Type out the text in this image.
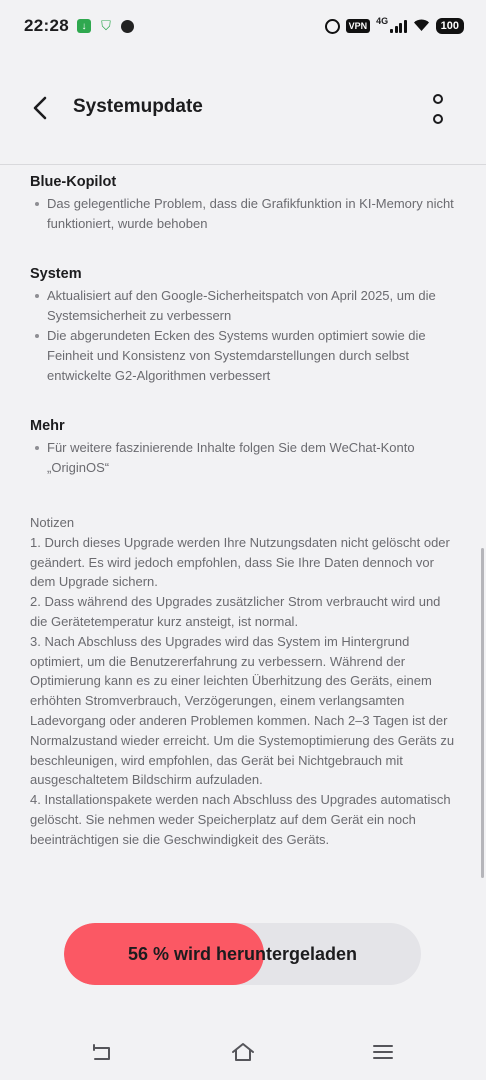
22:28	↓	⛉	VPN	4G	100
Systemupdate
Blue-Kopilot
Das gelegentliche Problem, dass die Grafikfunktion in KI-Memory nicht funktioniert, wurde behoben
System
Aktualisiert auf den Google-Sicherheitspatch von April 2025, um die Systemsicherheit zu verbessern
Die abgerundeten Ecken des Systems wurden optimiert sowie die Feinheit und Konsistenz von Systemdarstellungen durch selbst entwickelte G2-Algorithmen verbessert
Mehr
Für weitere faszinierende Inhalte folgen Sie dem WeChat-Konto „OriginOS“

Notizen

1. Durch dieses Upgrade werden Ihre Nutzungsdaten nicht gelöscht oder geändert. Es wird jedoch empfohlen, dass Sie Ihre Daten dennoch vor dem Upgrade sichern.

2. Dass während des Upgrades zusätzlicher Strom verbraucht wird und die Gerätetemperatur kurz ansteigt, ist normal.

3. Nach Abschluss des Upgrades wird das System im Hintergrund optimiert, um die Benutzererfahrung zu verbessern. Während der Optimierung kann es zu einer leichten Überhitzung des Geräts, einem erhöhten Stromverbrauch, Verzögerungen, einem verlangsamten Ladevorgang oder anderen Problemen kommen. Nach 2–3 Tagen ist der Normalzustand wieder erreicht. Um die Systemoptimierung des Geräts zu beschleunigen, wird empfohlen, das Gerät bei Nichtgebrauch mit ausgeschaltetem Bildschirm aufzuladen.

4. Installationspakete werden nach Abschluss des Upgrades automatisch gelöscht. Sie nehmen weder Speicherplatz auf dem Gerät ein noch beeinträchtigen sie die Geschwindigkeit des Geräts.

56 % wird heruntergeladen
